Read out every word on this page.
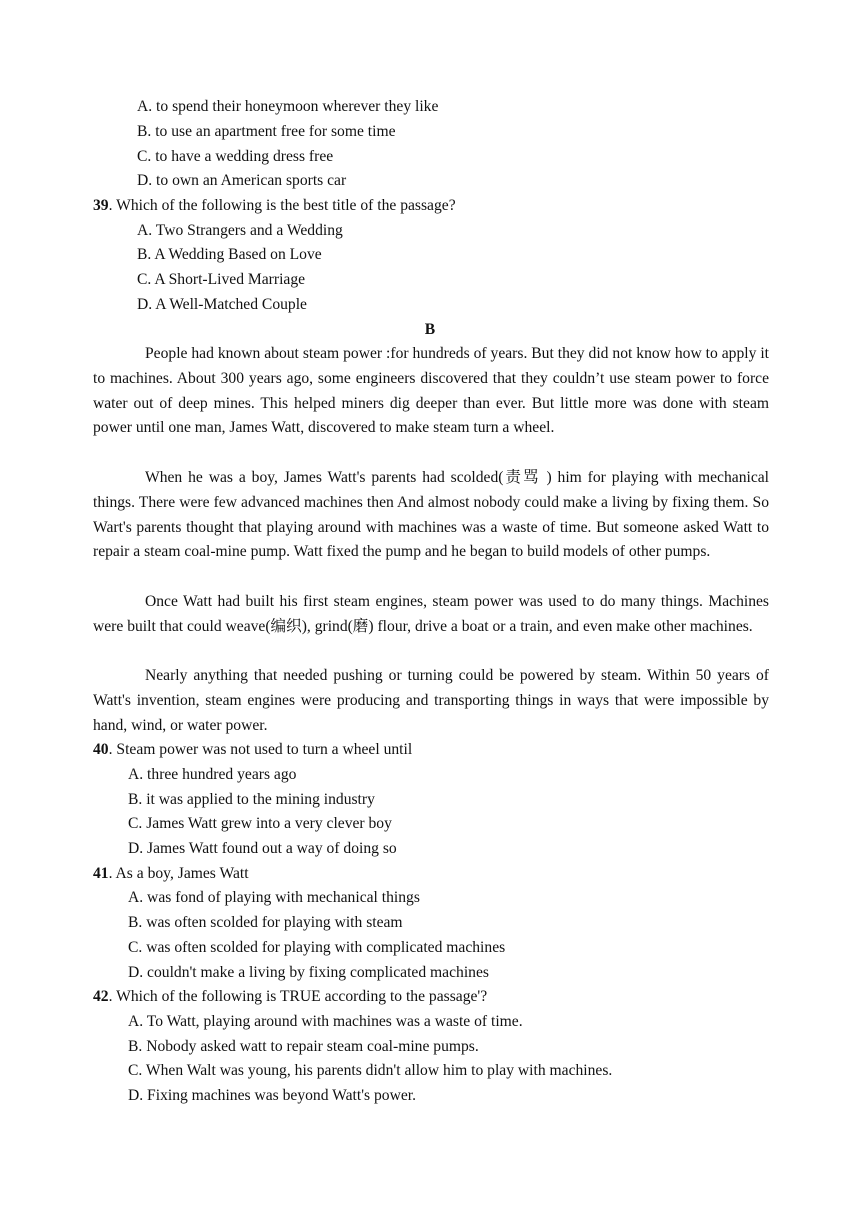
A. to spend their honeymoon wherever they like
B. to use an apartment free for some time
C. to have a wedding dress free
D. to own an American sports car
39. Which of the following is the best title of the passage?
A. Two Strangers and a Wedding
B. A Wedding Based on Love
C. A Short-Lived Marriage
D. A Well-Matched Couple
B
People had known about steam power :for hundreds of years. But they did not know how to apply it to machines. About 300 years ago, some engineers discovered that they couldn’t use steam power to force water out of deep mines. This helped miners dig deeper than ever. But little more was done with steam power until one man, James Watt, discovered to make steam turn a wheel.
When he was a boy, James Watt's parents had scolded(责骂 ) him for playing with mechanical things. There were few advanced machines then And almost nobody could make a living by fixing them. So Wart's parents thought that playing around with machines was a waste of time. But someone asked Watt to repair a steam coal-mine pump. Watt fixed the pump and he began to build models of other pumps.
Once Watt had built his first steam engines, steam power was used to do many things. Machines were built that could weave(编织), grind(磨) flour, drive a boat or a train, and even make other machines.
Nearly anything that needed pushing or turning could be powered by steam. Within 50 years of Watt's invention, steam engines were producing and transporting things in ways that were impossible by hand, wind, or water power.
40. Steam power was not used to turn a wheel until
A. three hundred years ago
B. it was applied to the mining industry
C. James Watt grew into a very clever boy
D. James Watt found out a way of doing so
41. As a boy, James Watt
A. was fond of playing with mechanical things
B. was often scolded for playing with steam
C. was often scolded for playing with complicated machines
D. couldn't make a living by fixing complicated machines
42. Which of the following is TRUE according to the passage'?
A. To Watt, playing around with machines was a waste of time.
B. Nobody asked watt to repair steam coal-mine pumps.
C. When Walt was young, his parents didn't allow him to play with machines.
D. Fixing machines was beyond Watt's power.
